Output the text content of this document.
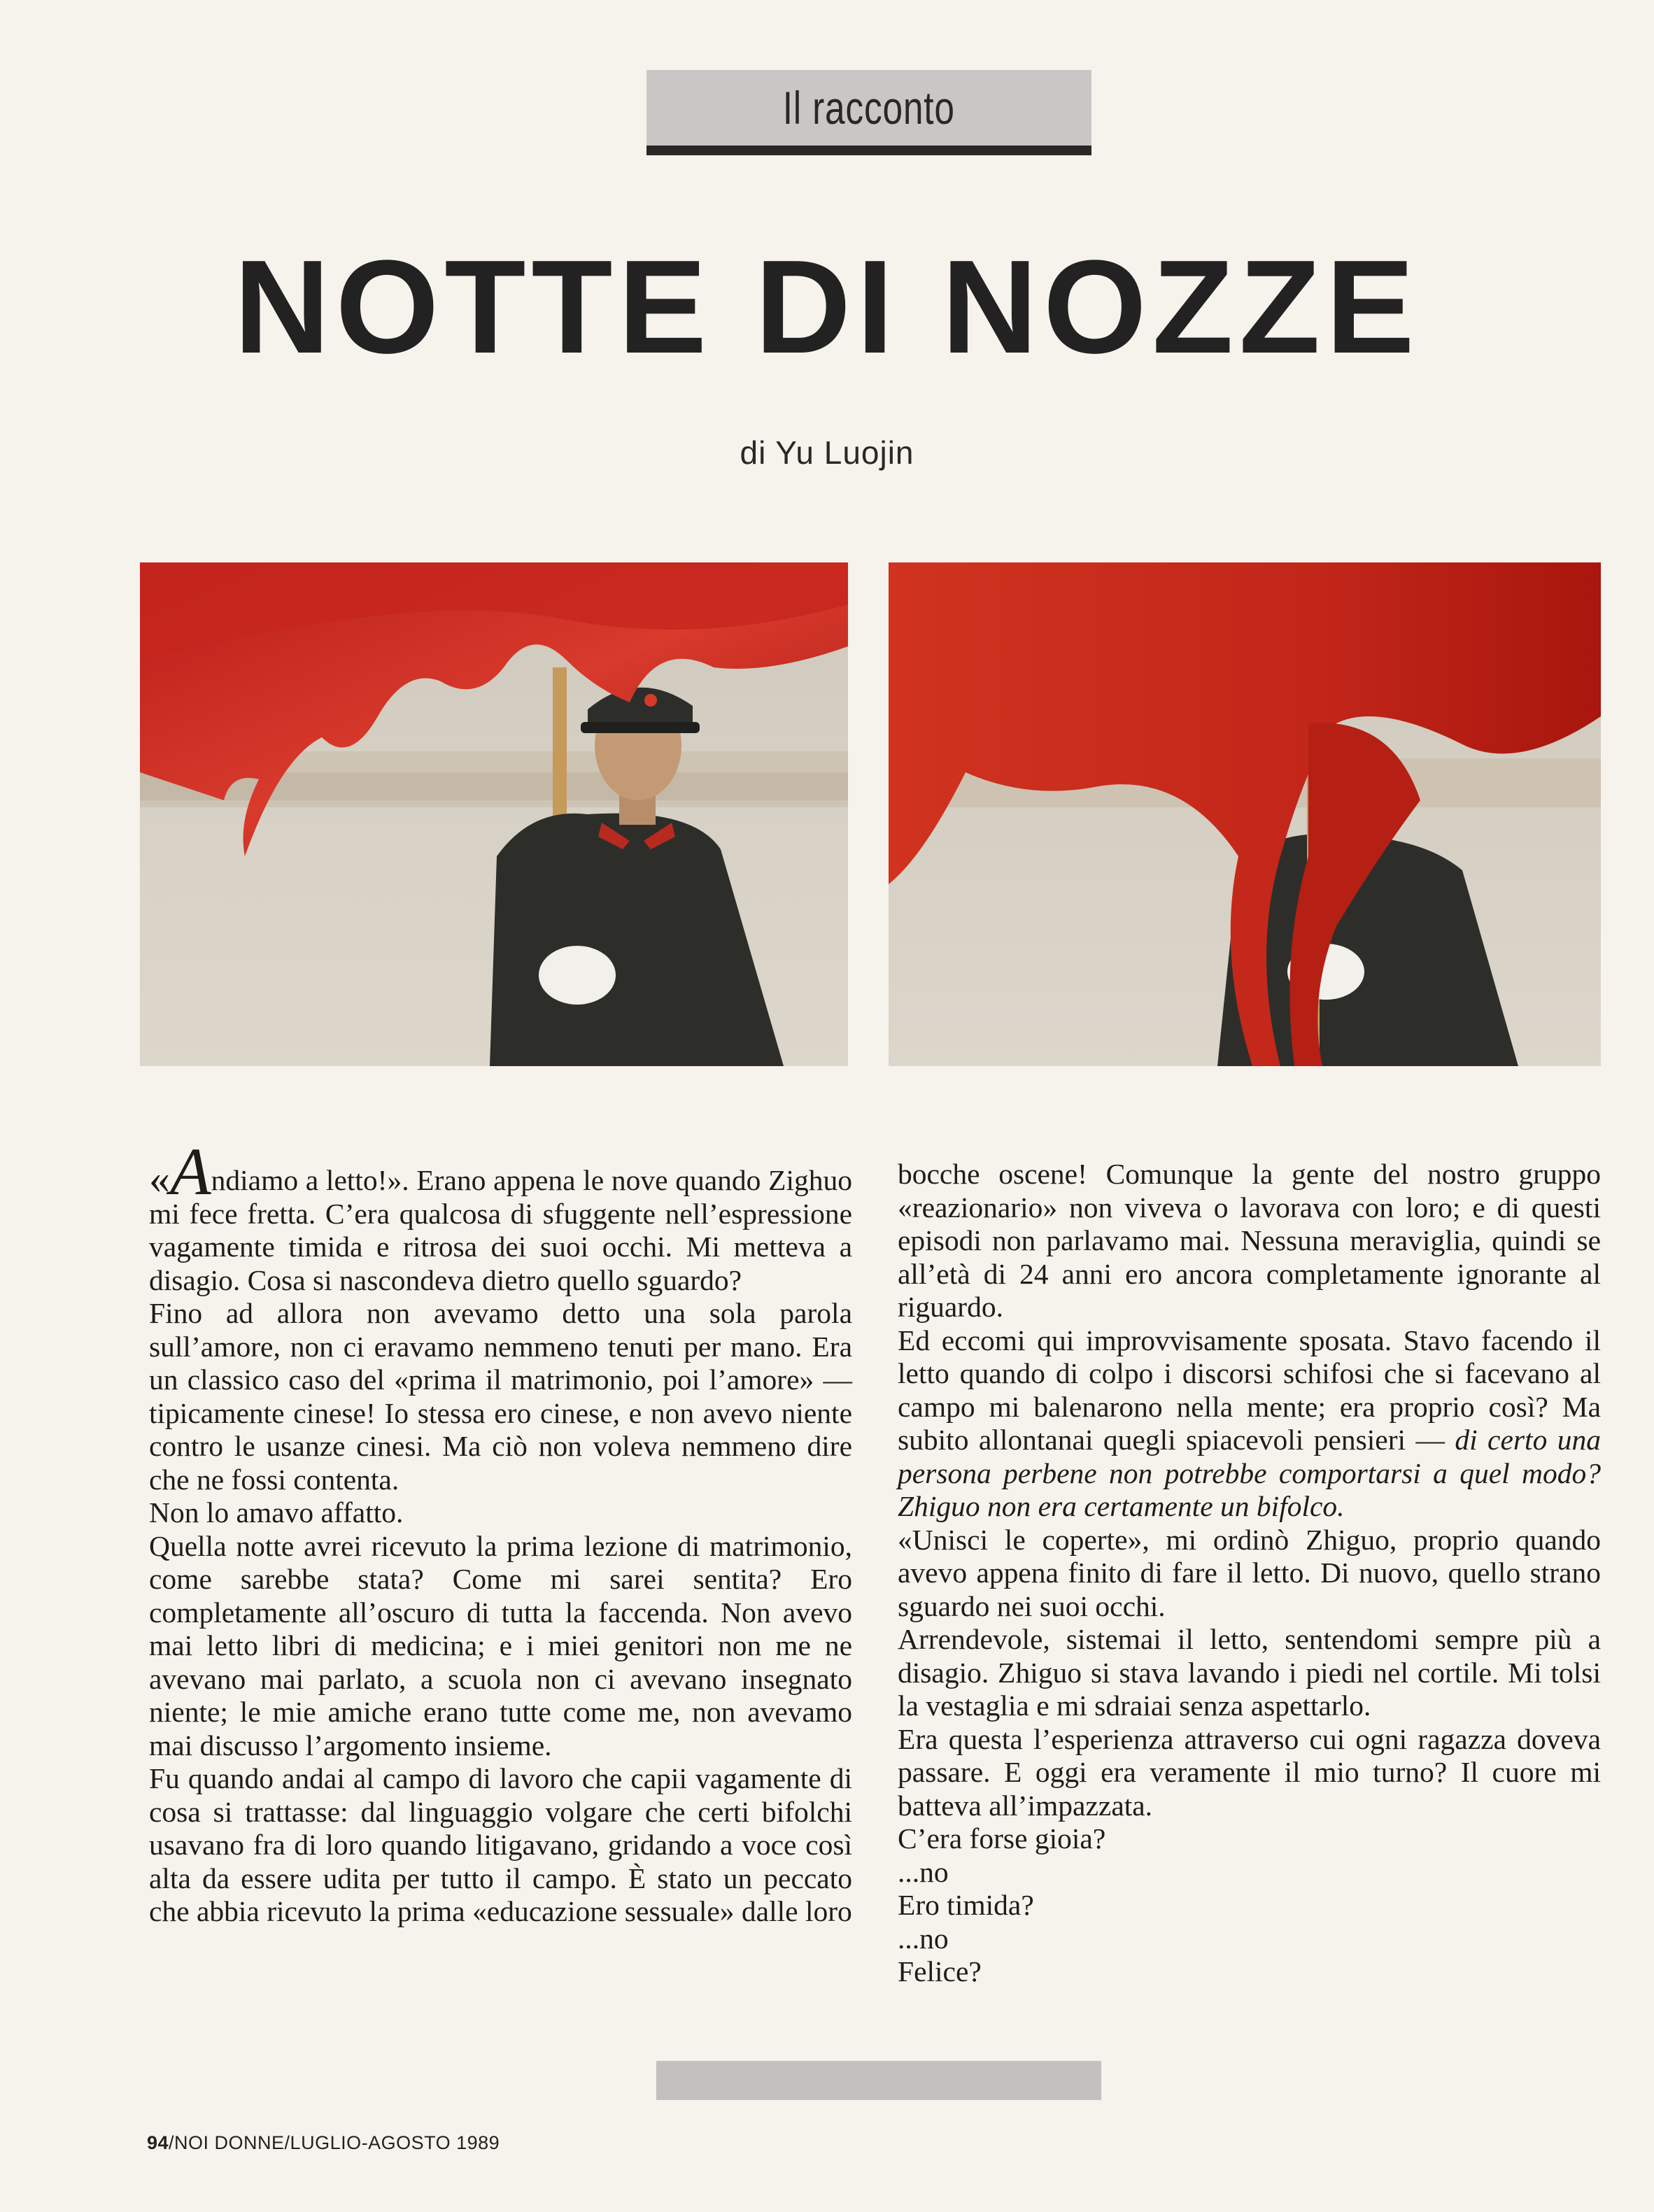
Il racconto
NOTTE DI NOZZE
di Yu Luojin

«Andiamo a letto!». Erano appena le nove quando Zighuo mi fece fretta. C’era qualcosa di sfuggente nell’espressione vagamente timida e ritrosa dei suoi occhi. Mi metteva a disagio. Cosa si nascondeva dietro quello sguardo?

Fino ad allora non avevamo detto una sola parola sull’amore, non ci eravamo nemmeno tenuti per mano. Era un classico caso del «prima il matrimonio, poi l’amore» — tipicamente cinese! Io stessa ero cinese, e non avevo niente contro le usanze cinesi. Ma ciò non voleva nemmeno dire che ne fossi contenta.

Non lo amavo affatto.

Quella notte avrei ricevuto la prima lezione di matrimonio, come sarebbe stata? Come mi sarei sentita? Ero completamente all’oscuro di tutta la faccenda. Non avevo mai letto libri di medicina; e i miei genitori non me ne avevano mai parlato, a scuola non ci avevano insegnato niente; le mie amiche erano tutte come me, non avevamo mai discusso l’argomento insieme.

Fu quando andai al campo di lavoro che capii vagamente di cosa si trattasse: dal linguaggio volgare che certi bifolchi usavano fra di loro quando litigavano, gridando a voce così alta da essere udita per tutto il campo. È stato un peccato che abbia ricevuto la prima «educazione sessuale» dalle loro

bocche oscene! Comunque la gente del nostro gruppo «reazionario» non viveva o lavorava con loro; e di questi episodi non parlavamo mai. Nessuna meraviglia, quindi se all’età di 24 anni ero ancora completamente ignorante al riguardo.

Ed eccomi qui improvvisamente sposata. Stavo facendo il letto quando di colpo i discorsi schifosi che si facevano al campo mi balenarono nella mente; era proprio così? Ma subito allontanai quegli spiacevoli pensieri — di certo una persona perbene non potrebbe comportarsi a quel modo? Zhiguo non era certamente un bifolco.

«Unisci le coperte», mi ordinò Zhiguo, proprio quando avevo appena finito di fare il letto. Di nuovo, quello strano sguardo nei suoi occhi.

Arrendevole, sistemai il letto, sentendomi sempre più a disagio. Zhiguo si stava lavando i piedi nel cortile. Mi tolsi la vestaglia e mi sdraiai senza aspettarlo.

Era questa l’esperienza attraverso cui ogni ragazza doveva passare. E oggi era veramente il mio turno? Il cuore mi batteva all’impazzata.

C’era forse gioia?

...no

Ero timida?

...no

Felice?

94/NOI DONNE/LUGLIO-AGOSTO 1989
